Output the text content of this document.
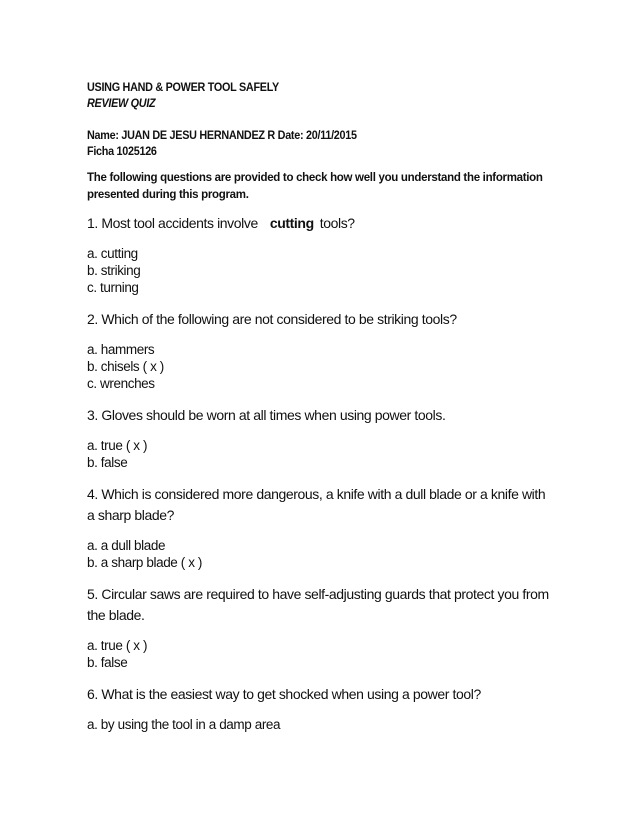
USING HAND & POWER TOOL SAFELY
REVIEW QUIZ
Name: JUAN DE JESU HERNANDEZ R Date: 20/11/2015
Ficha 1025126
The following questions are provided to check how well you understand the information presented during this program.
1. Most tool accidents involve cutting tools?
a. cutting
b. striking
c. turning
2. Which of the following are not considered to be striking tools?
a. hammers
b. chisels ( x )
c. wrenches
3. Gloves should be worn at all times when using power tools.
a. true ( x )
b. false
4. Which is considered more dangerous, a knife with a dull blade or a knife with a sharp blade?
a. a dull blade
b. a sharp blade ( x )
5. Circular saws are required to have self-adjusting guards that protect you from the blade.
a. true ( x )
b. false
6. What is the easiest way to get shocked when using a power tool?
a. by using the tool in a damp area
